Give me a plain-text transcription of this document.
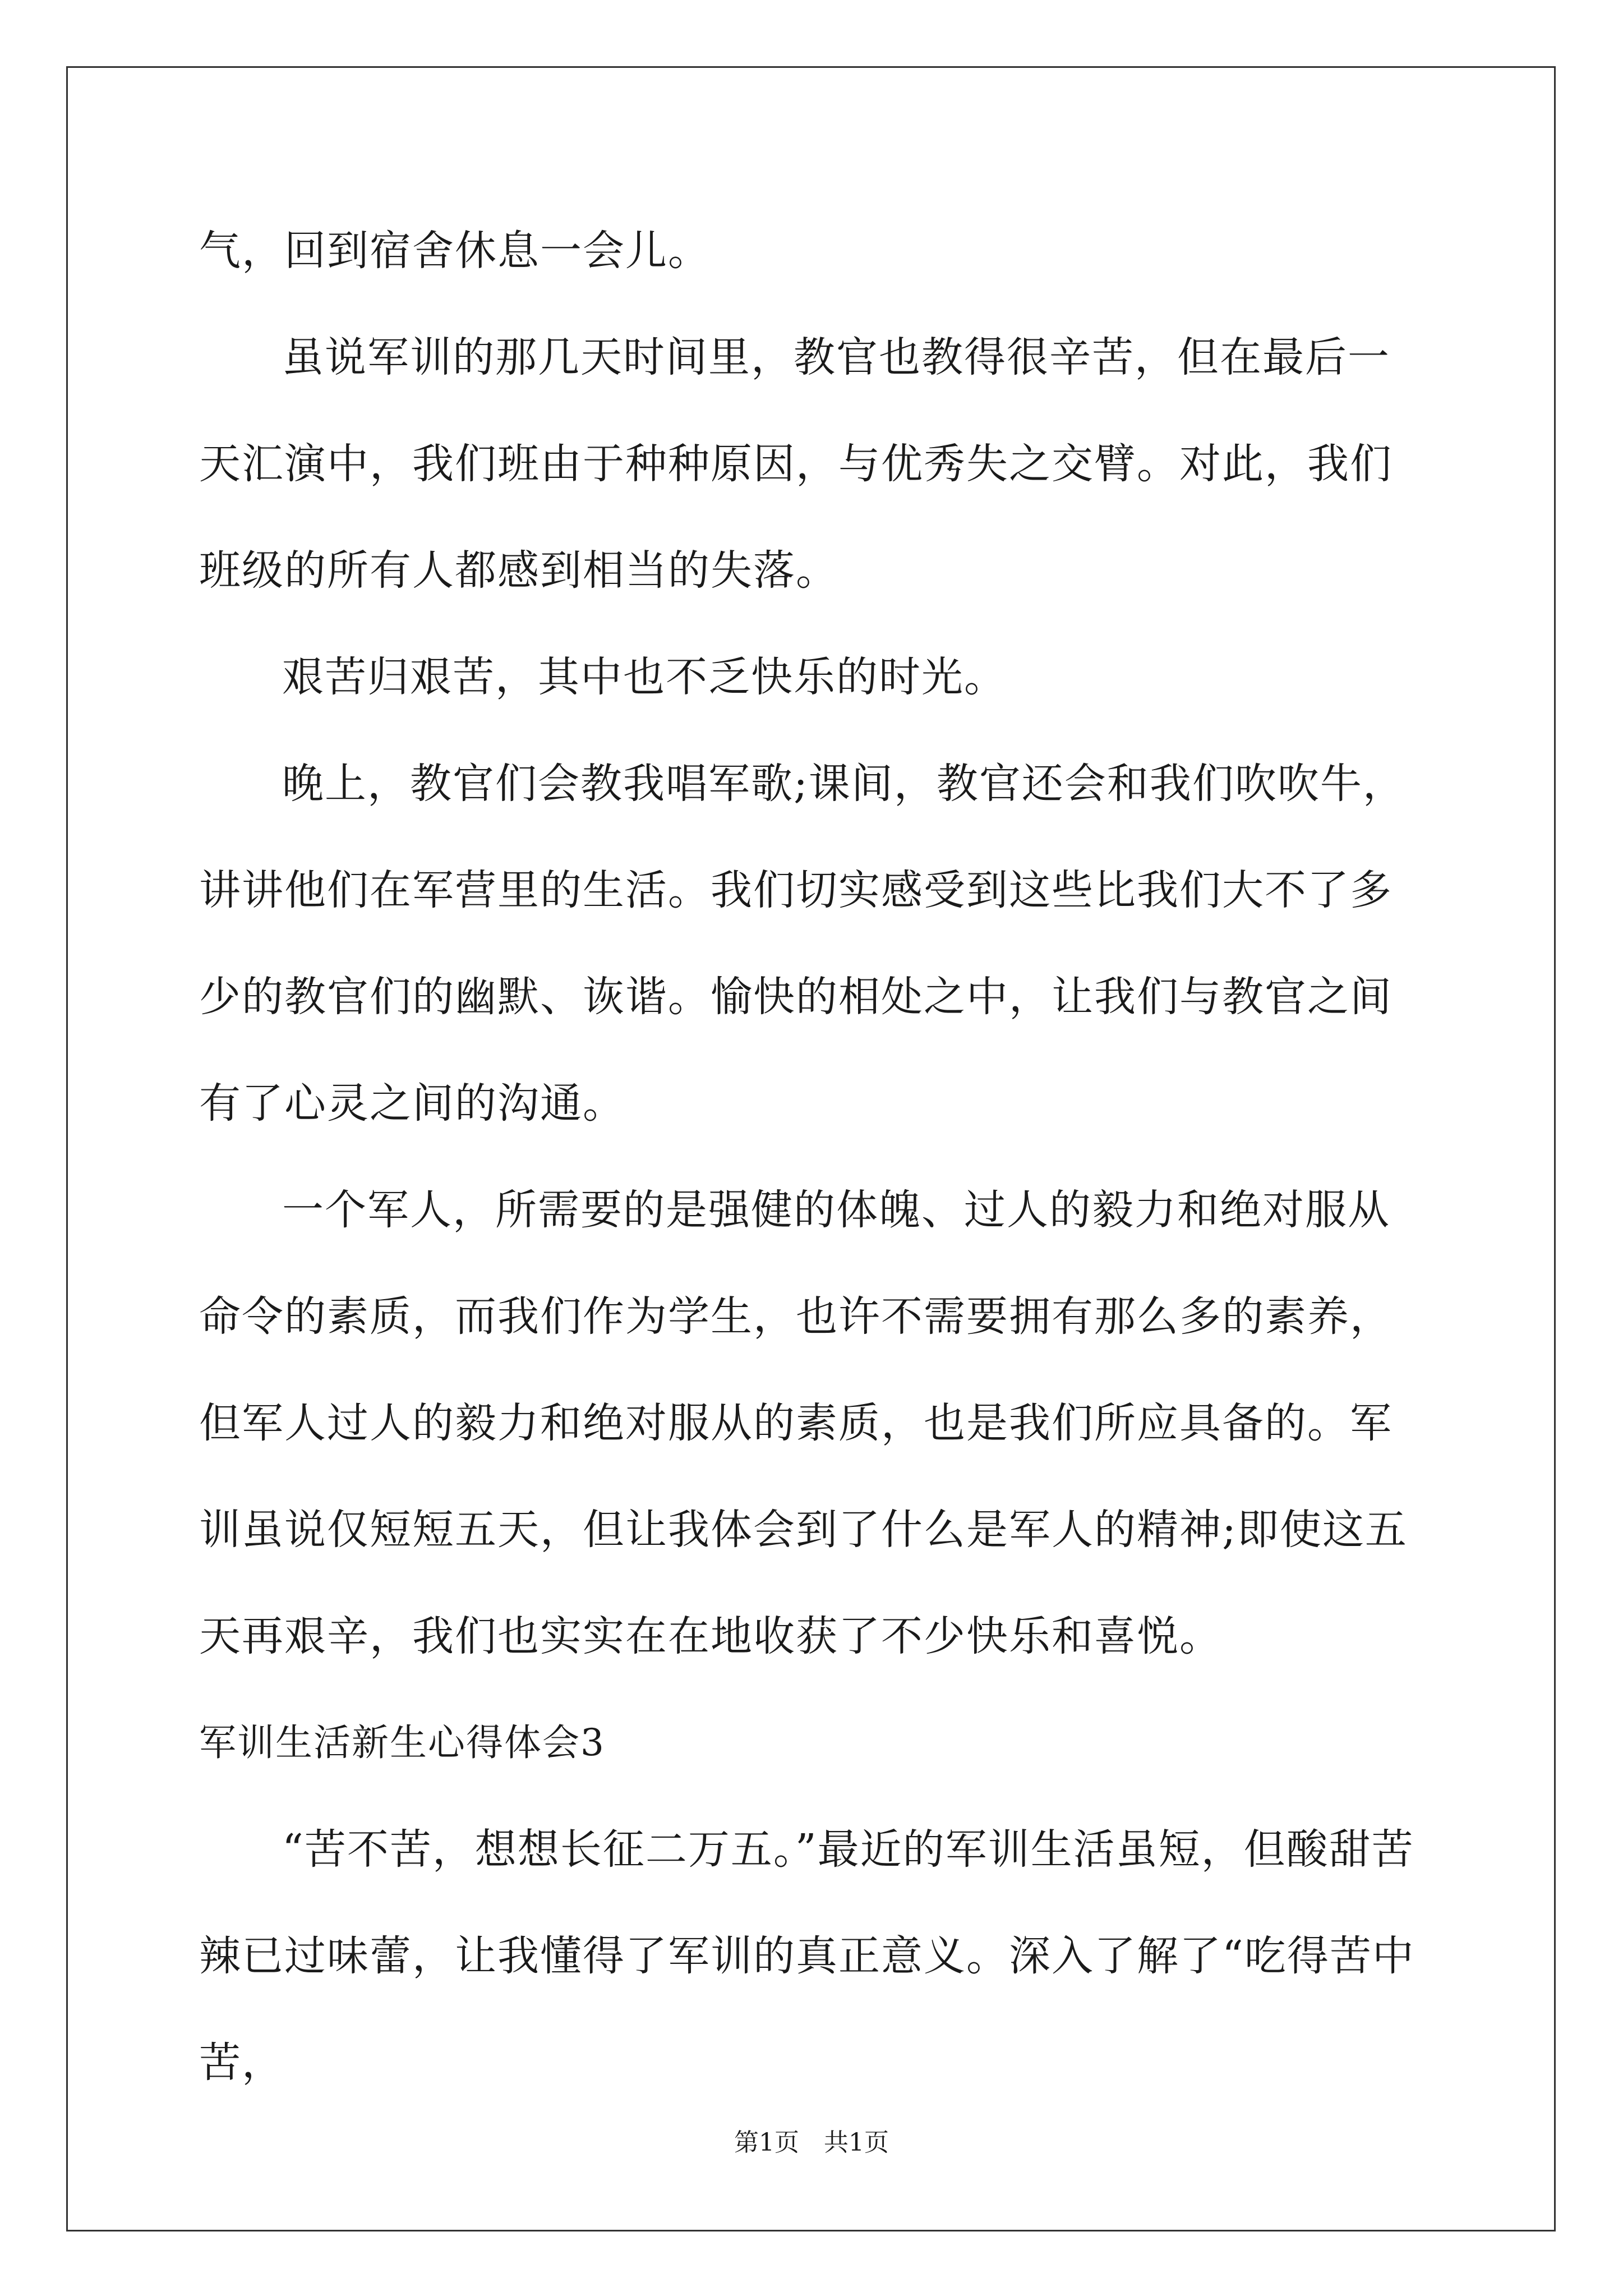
气，回到宿舍休息一会儿。

虽说军训的那几天时间里，教官也教得很辛苦，但在最后一天汇演中，我们班由于种种原因，与优秀失之交臂。对此，我们班级的所有人都感到相当的失落。

艰苦归艰苦，其中也不乏快乐的时光。

晚上，教官们会教我唱军歌;课间，教官还会和我们吹吹牛，讲讲他们在军营里的生活。我们切实感受到这些比我们大不了多少的教官们的幽默、诙谐。愉快的相处之中，让我们与教官之间有了心灵之间的沟通。

一个军人，所需要的是强健的体魄、过人的毅力和绝对服从命令的素质，而我们作为学生，也许不需要拥有那么多的素养，但军人过人的毅力和绝对服从的素质，也是我们所应具备的。军训虽说仅短短五天，但让我体会到了什么是军人的精神;即使这五天再艰辛，我们也实实在在地收获了不少快乐和喜悦。

军训生活新生心得体会3

“苦不苦，想想长征二万五。”最近的军训生活虽短，但酸甜苦辣已过味蕾，让我懂得了军训的真正意义。深入了解了“吃得苦中苦，

第1页　共1页
